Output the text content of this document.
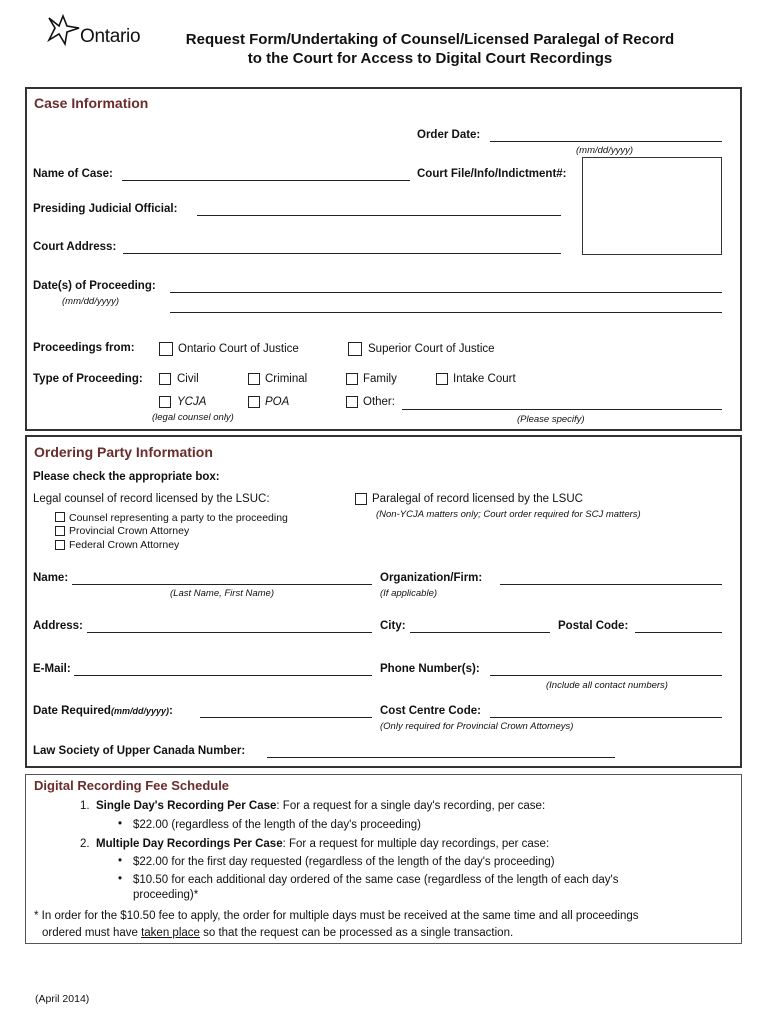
Ontario	Request Form/Undertaking of Counsel/Licensed Paralegal of Record
to the Court for Access to Digital Court Recordings
Case Information
Order Date:
(mm/dd/yyyy)
Name of Case:	Court File/Info/Indictment#:
Presiding Judicial Official:
Court Address:
Date(s) of Proceeding:
(mm/dd/yyyy)
Proceedings from:	Ontario Court of Justice	Superior Court of Justice
Type of Proceeding:	Civil	Criminal	Family	Intake Court
YCJA	POA	Other:
(legal counsel only)	(Please specify)
Ordering Party Information
Please check the appropriate box:
Legal counsel of record licensed by the LSUC:	Paralegal of record licensed by the LSUC
(Non-YCJA matters only; Court order required for SCJ matters)
Counsel representing a party to the proceeding
Provincial Crown Attorney
Federal Crown Attorney
Name:
(Last Name, First Name)
Organization/Firm:
(If applicable)
Address:	City:	Postal Code:
E-Mail:	Phone Number(s):
(Include all contact numbers)
Date Required(mm/dd/yyyy):	Cost Centre Code:
(Only required for Provincial Crown Attorneys)
Law Society of Upper Canada Number:
Digital Recording Fee Schedule
1. Single Day's Recording Per Case: For a request for a single day's recording, per case:
• $22.00 (regardless of the length of the day's proceeding)
2. Multiple Day Recordings Per Case: For a request for multiple day recordings, per case:
• $22.00 for the first day requested (regardless of the length of the day's proceeding)
• $10.50 for each additional day ordered of the same case (regardless of the length of each day's
proceeding)*
* In order for the $10.50 fee to apply, the order for multiple days must be received at the same time and all proceedings
ordered must have taken place so that the request can be processed as a single transaction.
(April 2014)
